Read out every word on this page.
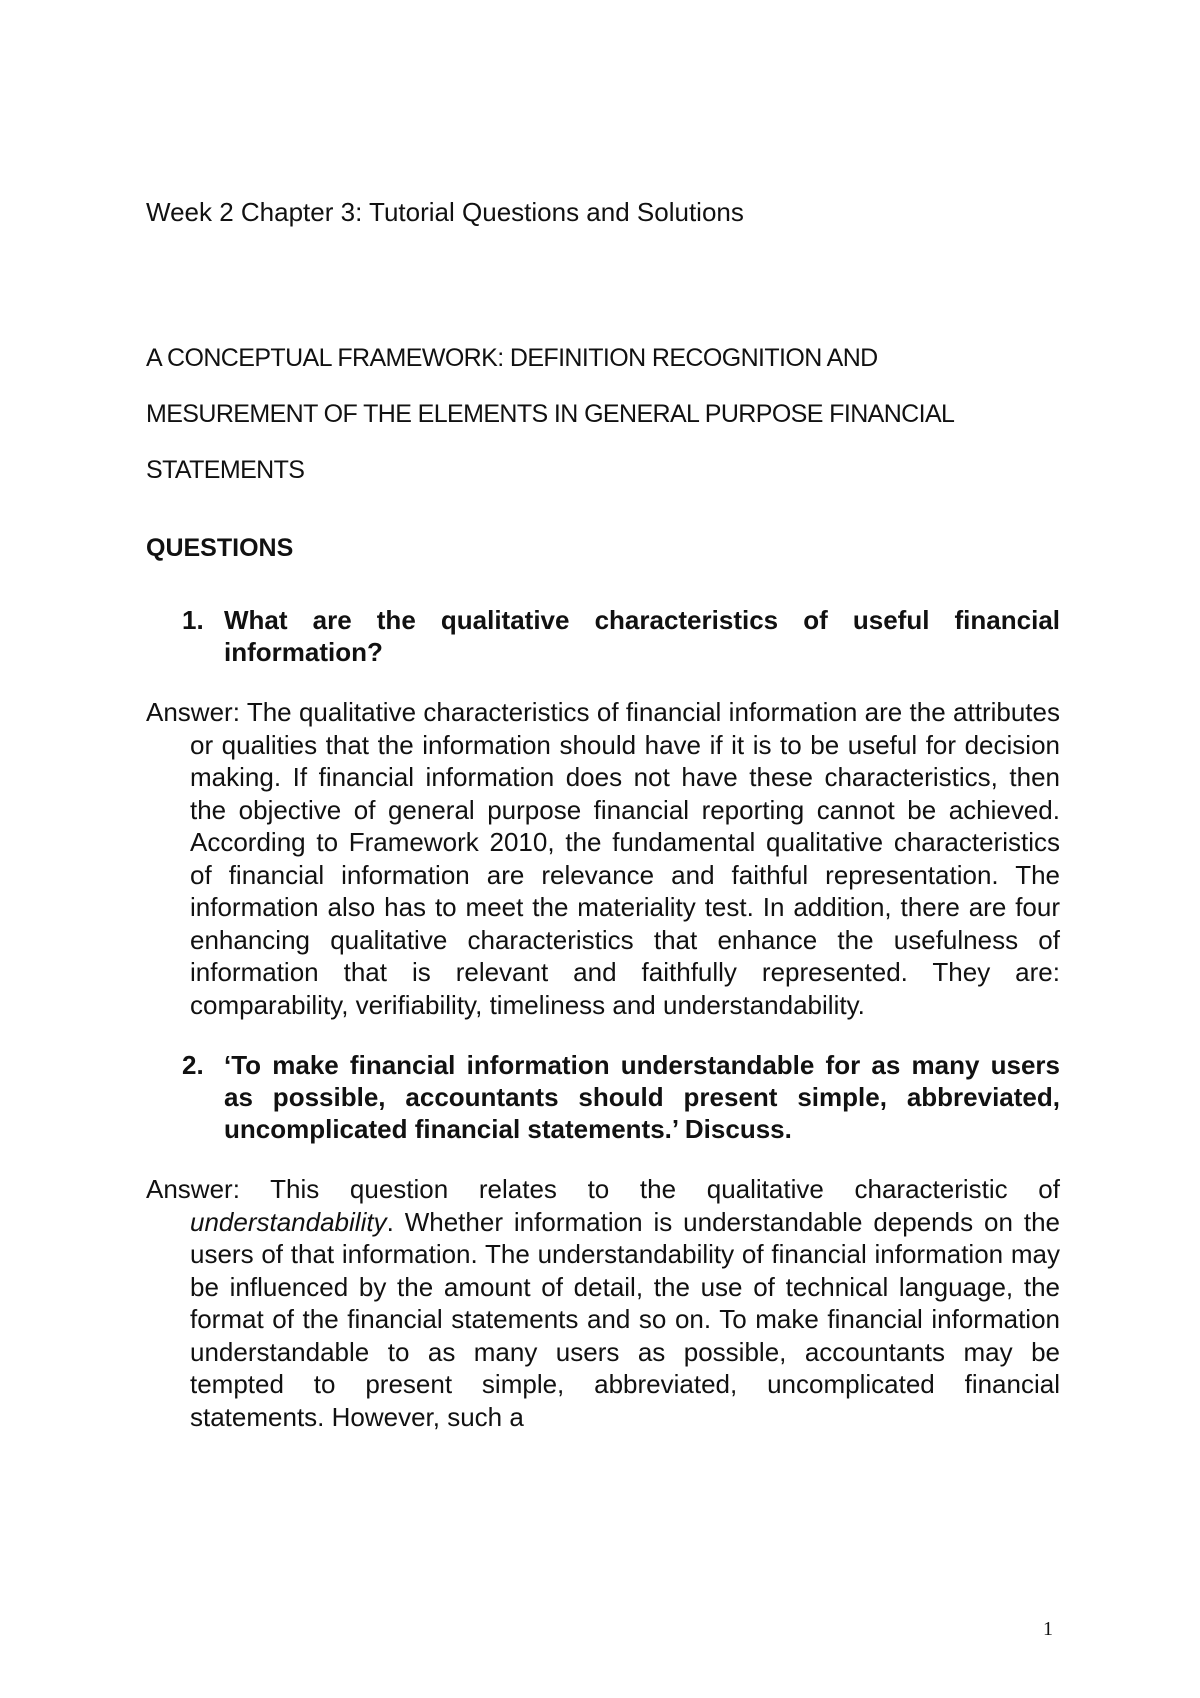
Week 2 Chapter 3: Tutorial Questions and Solutions

A CONCEPTUAL FRAMEWORK: DEFINITION RECOGNITION AND
MESUREMENT OF THE ELEMENTS IN GENERAL PURPOSE FINANCIAL
STATEMENTS

QUESTIONS

1. What are the qualitative characteristics of useful financial information?

Answer: The qualitative characteristics of financial information are the attributes or qualities that the information should have if it is to be useful for decision making. If financial information does not have these characteristics, then the objective of general purpose financial reporting cannot be achieved. According to Framework 2010, the fundamental qualitative characteristics of financial information are relevance and faithful representation. The information also has to meet the materiality test. In addition, there are four enhancing qualitative characteristics that enhance the usefulness of information that is relevant and faithfully represented. They are: comparability, verifiability, timeliness and understandability.

2. ‘To make financial information understandable for as many users as possible, accountants should present simple, abbreviated, uncomplicated financial statements.’ Discuss.

Answer: This question relates to the qualitative characteristic of understandability. Whether information is understandable depends on the users of that information. The understandability of financial information may be influenced by the amount of detail, the use of technical language, the format of the financial statements and so on. To make financial information understandable to as many users as possible, accountants may be tempted to present simple, abbreviated, uncomplicated financial statements. However, such a

1
